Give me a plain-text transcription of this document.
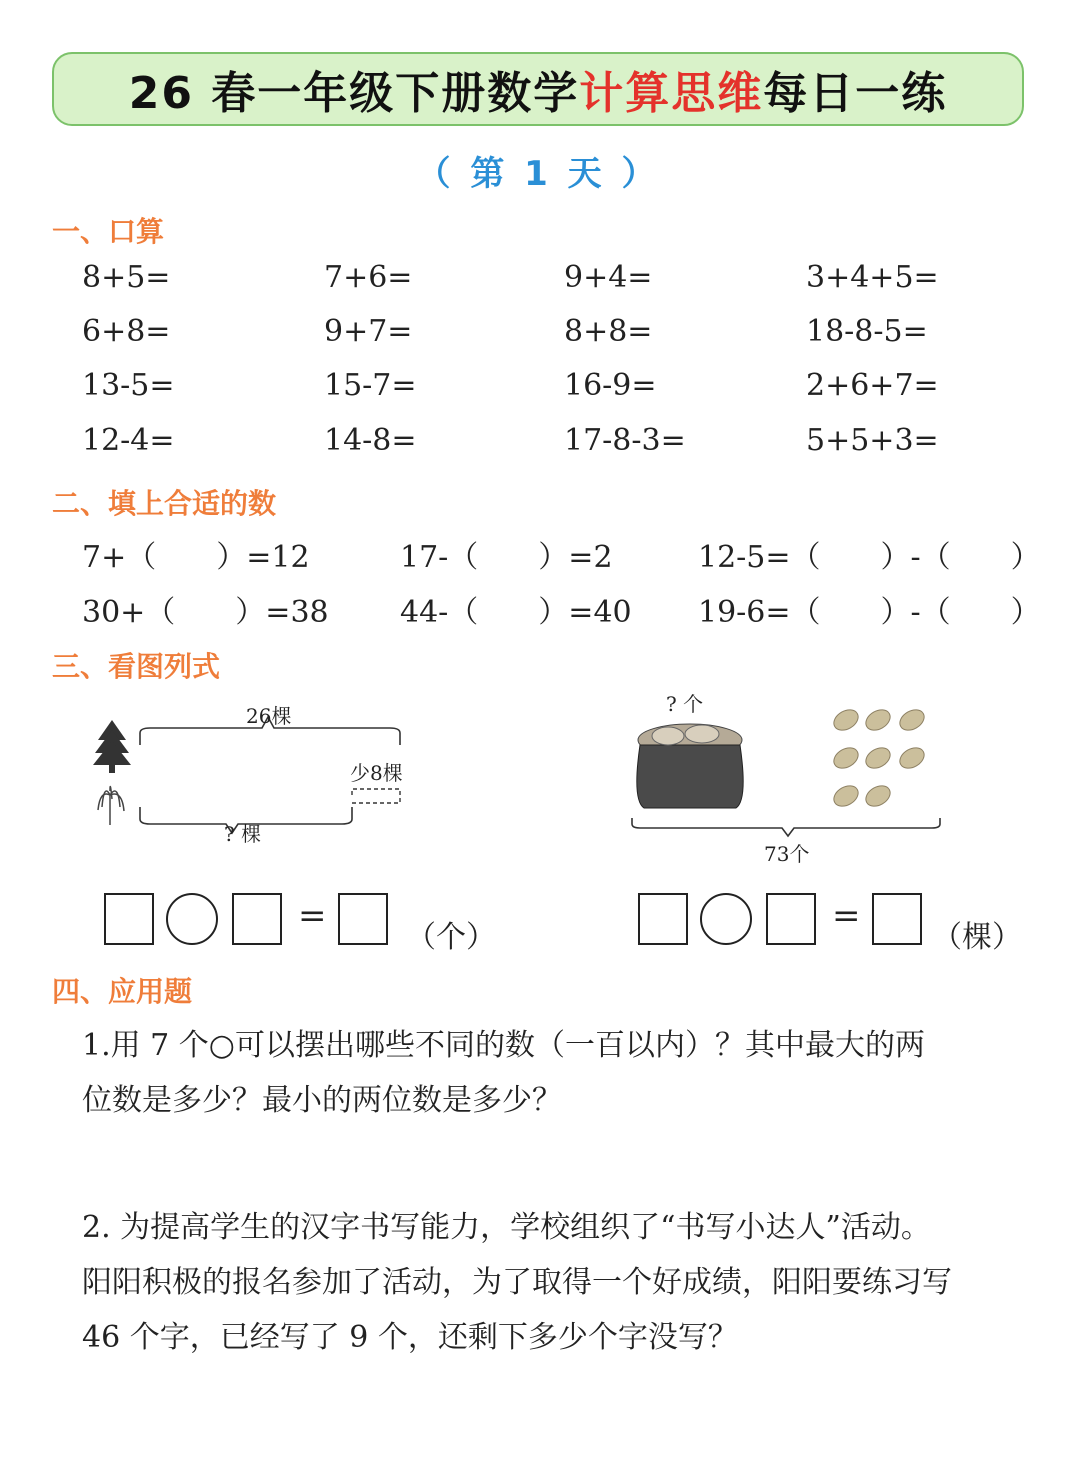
26 春一年级下册数学 计算思维 每日一练
（ 第 1 天 ）
一、口算
8+5=	7+6=	9+4=	3+4+5=
6+8=	9+7=	8+8=	18-8-5=
13-5=	15-7=	16-9=	2+6+7=
12-4=	14-8=	17-8-3=	5+5+3=
二、填上合适的数
7+（　　）=12	17-（　　）=2	12-5=（　　）-（　　）
30+（　　）=38 44-（　　）=40 19-6=（　　）-（　　）
三、看图列式
26棵
少8棵
? 棵
? 个
73个
=
（个）
=
（棵）
四、应用题
1.用 7 个○可以摆出哪些不同的数（一百以内）？其中最大的两
位数是多少？最小的两位数是多少？
2. 为提高学生的汉字书写能力，学校组织了“书写小达人”活动。
阳阳积极的报名参加了活动，为了取得一个好成绩，阳阳要练习写
46 个字，已经写了 9 个，还剩下多少个字没写？
